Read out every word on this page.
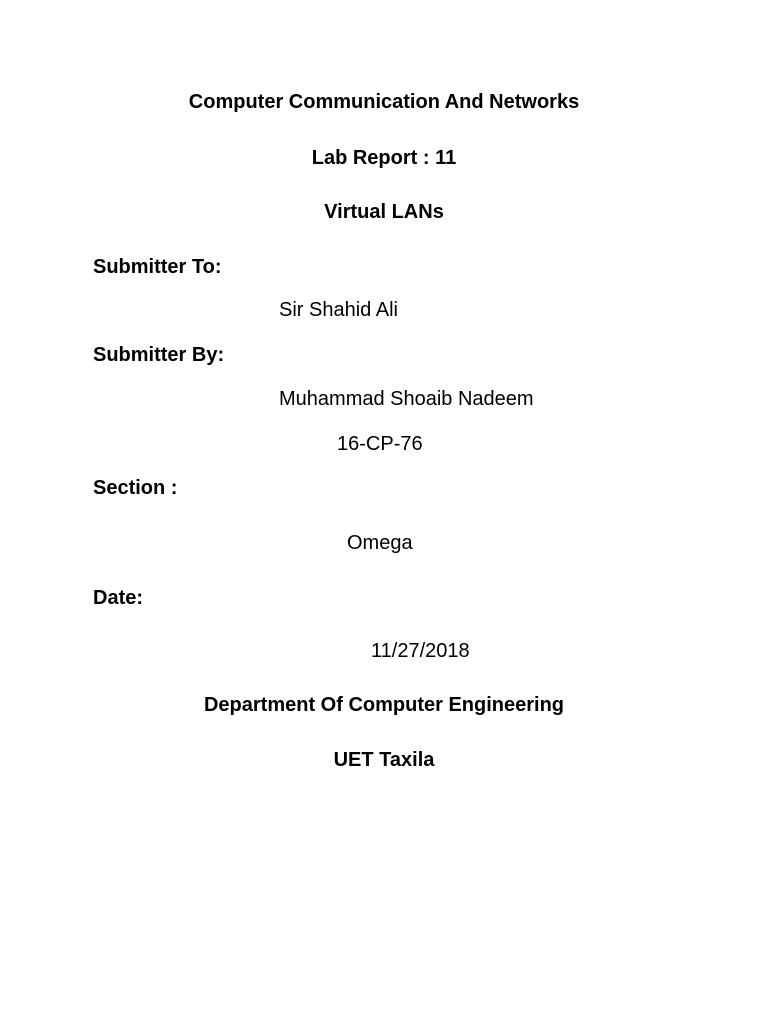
Computer Communication And Networks
Lab Report : 11
Virtual LANs
Submitter To:
Sir Shahid Ali
Submitter By:
Muhammad Shoaib Nadeem
16-CP-76
Section :
Omega
Date:
11/27/2018
Department Of Computer Engineering
UET Taxila
